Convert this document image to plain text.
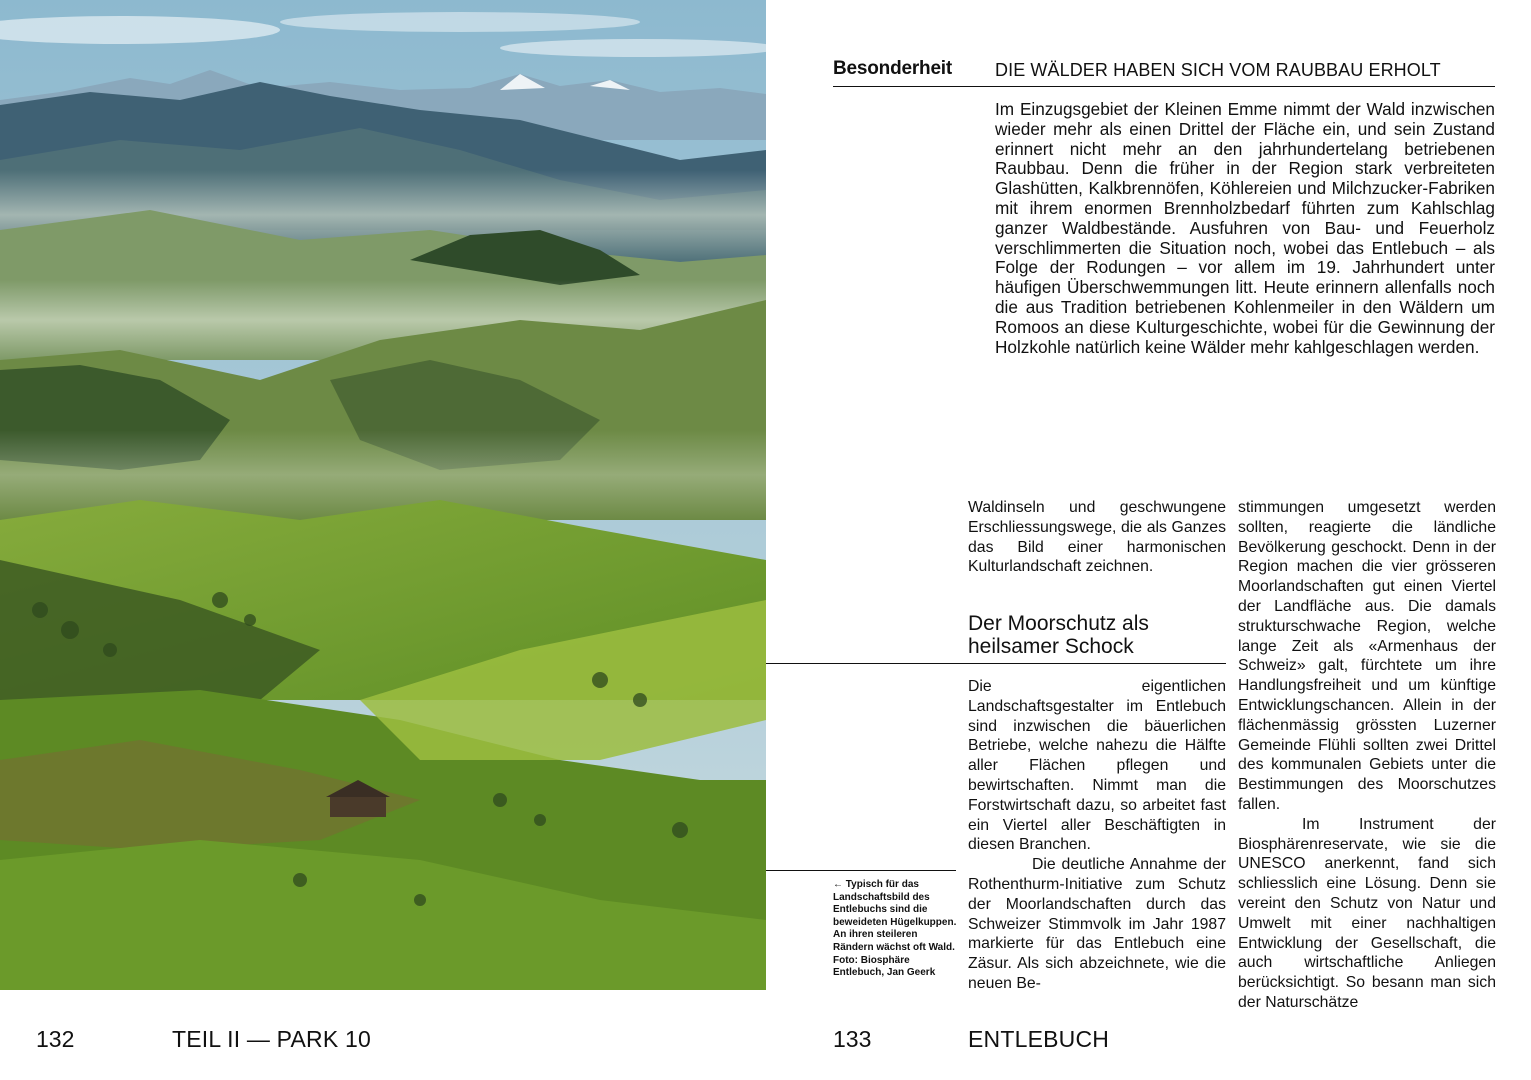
Besonderheit DIE WÄLDER HABEN SICH VOM RAUBBAU ERHOLT
Im Einzugsgebiet der Kleinen Emme nimmt der Wald inzwischen wieder mehr als einen Drittel der Fläche ein, und sein Zustand erinnert nicht mehr an den jahrhundertelang betriebenen Raubbau. Denn die früher in der Region stark verbreiteten Glashütten, Kalkbrennöfen, Köhlereien und Milchzucker-Fabriken mit ihrem enormen Brennholzbedarf führten zum Kahlschlag ganzer Waldbestände. Ausfuhren von Bau- und Feuerholz verschlimmerten die Situation noch, wobei das Entlebuch – als Folge der Rodungen – vor allem im 19. Jahrhundert unter häufigen Überschwemmungen litt. Heute erinnern allenfalls noch die aus Tradition betriebenen Kohlenmeiler in den Wäldern um Romoos an diese Kulturgeschichte, wobei für die Gewinnung der Holzkohle natürlich keine Wälder mehr kahlgeschlagen werden.
Waldinseln und geschwungene Erschliessungswege, die als Ganzes das Bild einer harmonischen Kulturlandschaft zeichnen.
Der Moorschutz als heilsamer Schock
Die eigentlichen Landschaftsgestalter im Entlebuch sind inzwischen die bäuerlichen Betriebe, welche nahezu die Hälfte aller Flächen pflegen und bewirtschaften. Nimmt man die Forstwirtschaft dazu, so arbeitet fast ein Viertel aller Beschäftigten in diesen Branchen.
Die deutliche Annahme der Rothenthurm-Initiative zum Schutz der Moorlandschaften durch das Schweizer Stimmvolk im Jahr 1987 markierte für das Entlebuch eine Zäsur. Als sich abzeichnete, wie die neuen Be-
stimmungen umgesetzt werden sollten, reagierte die ländliche Bevölkerung geschockt. Denn in der Region machen die vier grösseren Moorlandschaften gut einen Viertel der Landfläche aus. Die damals strukturschwache Region, welche lange Zeit als «Armenhaus der Schweiz» galt, fürchtete um ihre Handlungsfreiheit und um künftige Entwicklungschancen. Allein in der flächenmässig grössten Luzerner Gemeinde Flühli sollten zwei Drittel des kommunalen Gebiets unter die Bestimmungen des Moorschutzes fallen.
Im Instrument der Biosphärenreservate, wie sie die UNESCO anerkennt, fand sich schliesslich eine Lösung. Denn sie vereint den Schutz von Natur und Umwelt mit einer nachhaltigen Entwicklung der Gesellschaft, die auch wirtschaftliche Anliegen berücksichtigt. So besann man sich der Naturschätze
← Typisch für das Landschaftsbild des Entlebuchs sind die beweideten Hügelkuppen. An ihren steileren Rändern wächst oft Wald. Foto: Biosphäre Entlebuch, Jan Geerk
132	TEIL II — PARK 10	133	ENTLEBUCH
